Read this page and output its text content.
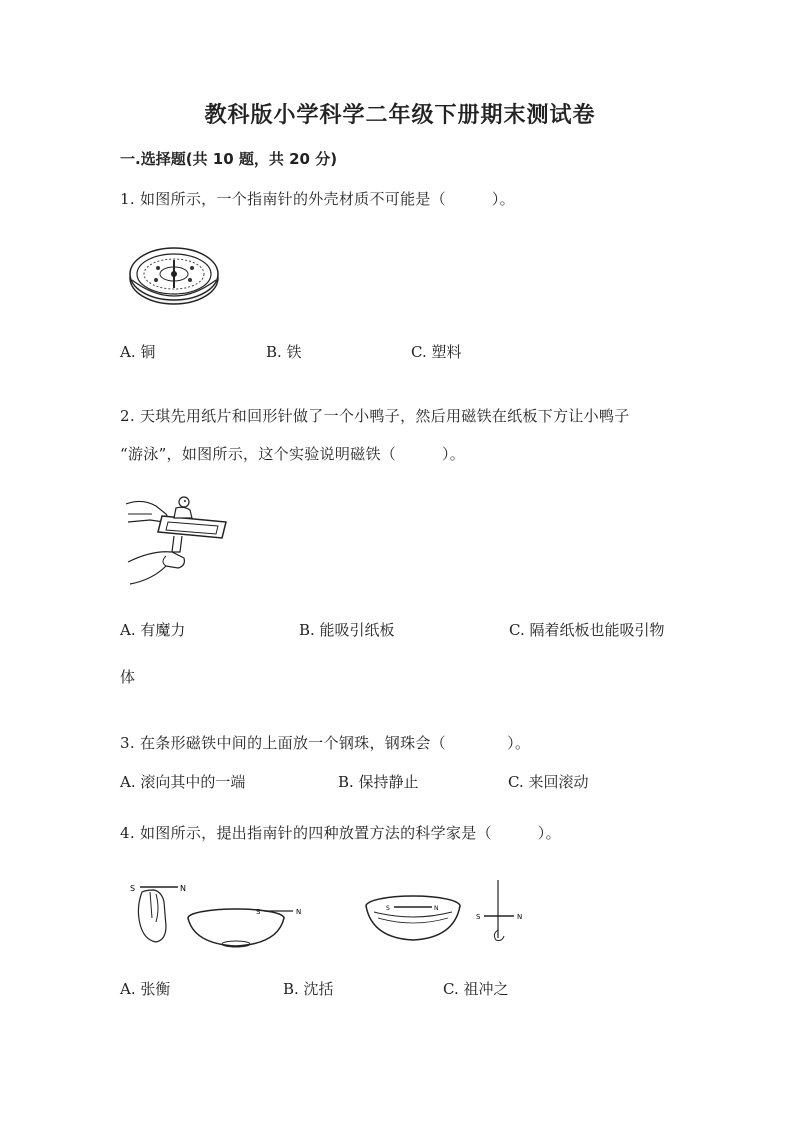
教科版小学科学二年级下册期末测试卷
一.选择题(共 10 题，共 20 分)
1. 如图所示，一个指南针的外壳材质不可能是（　　　）。
A. 铜	B. 铁	C. 塑料
2. 天琪先用纸片和回形针做了一个小鸭子，然后用磁铁在纸板下方让小鸭子
“游泳”，如图所示，这个实验说明磁铁（　　　）。
A. 有魔力	B. 能吸引纸板	C. 隔着纸板也能吸引物
体
3. 在条形磁铁中间的上面放一个钢珠，钢珠会（　　　　）。
A. 滚向其中的一端	B. 保持静止	C. 来回滚动
4. 如图所示，提出指南针的四种放置方法的科学家是（　　　）。
S	N
S	N	S	N
S	N
A. 张衡	B. 沈括	C. 祖冲之
